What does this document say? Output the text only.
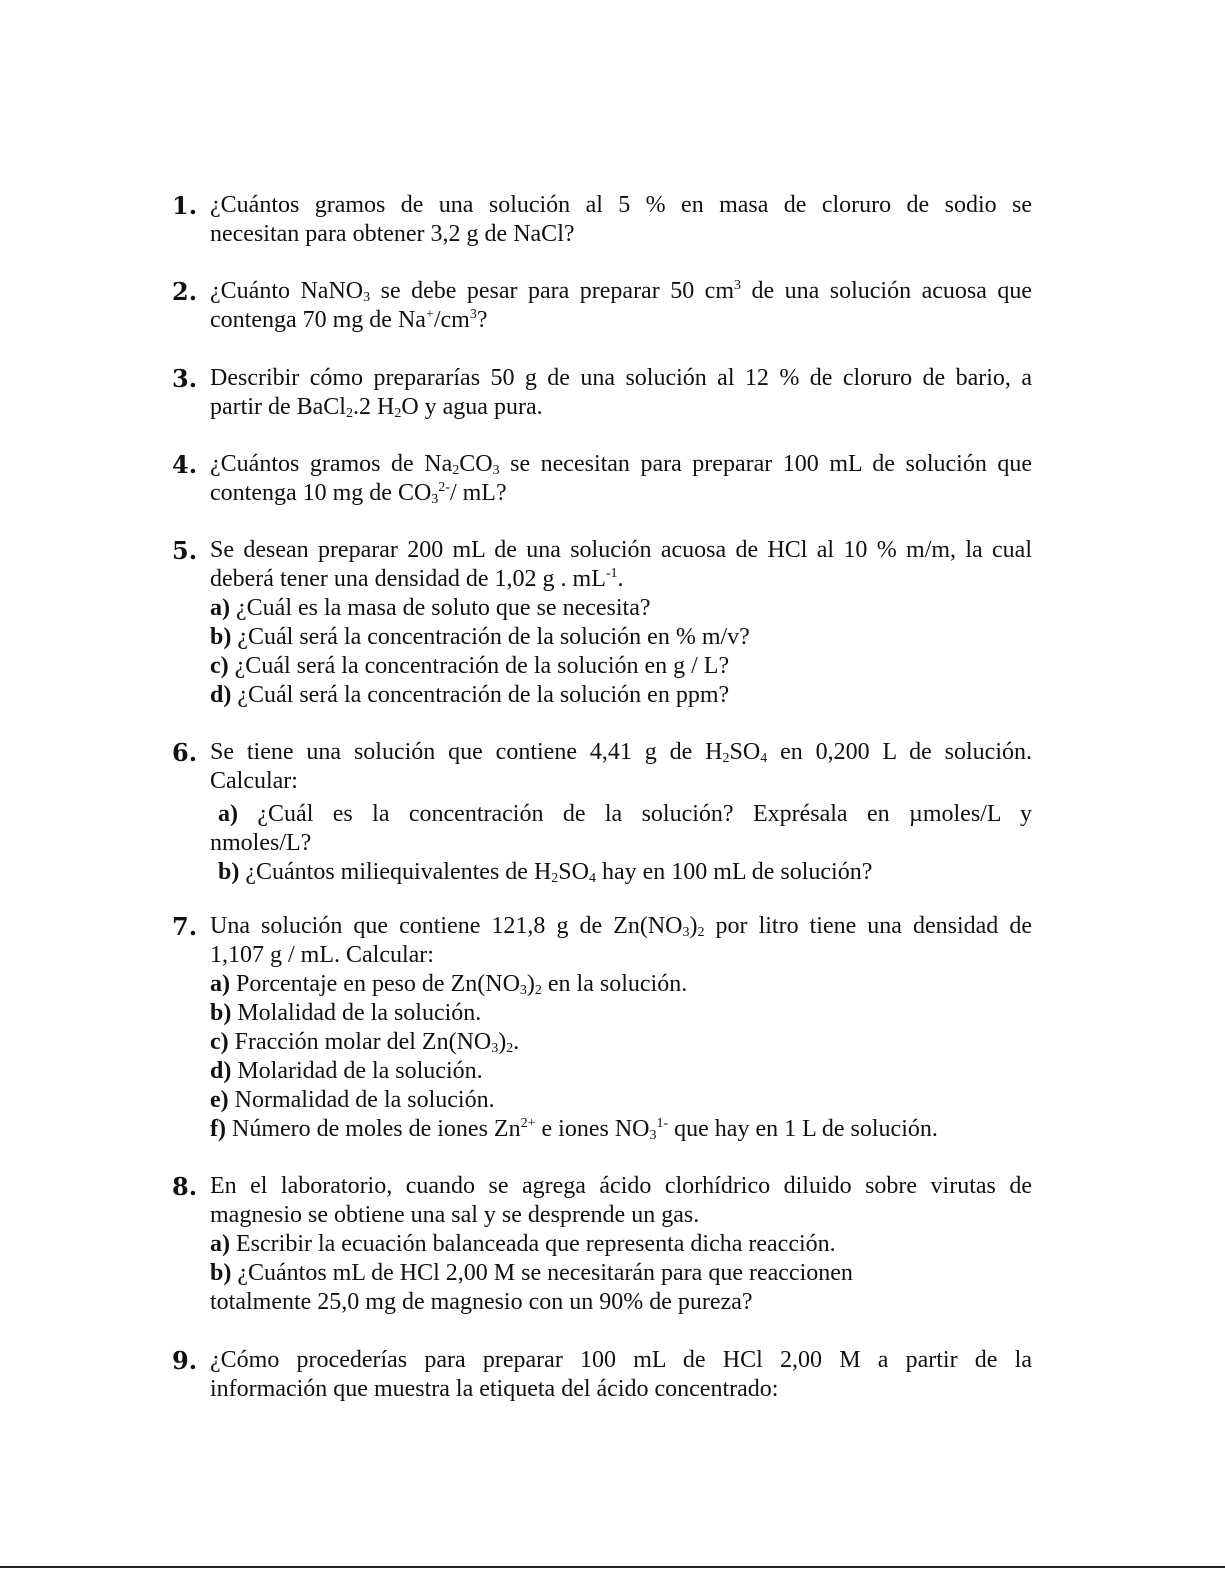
1. ¿Cuántos gramos de una solución al 5 % en masa de cloruro de sodio se
necesitan para obtener 3,2 g de NaCl?
2. ¿Cuánto NaNO$_3$ se debe pesar para preparar 50 $cm^3$ de una solución acuosa que
contenga 70 mg de $Na^+/cm^3$?
3. Describir cómo prepararías 50 g de una solución al 12 % de cloruro de bario, a
partir de BaCl$_2$.2 $H_2O$ y agua pura.
4. ¿Cuántos gramos de $Na_2CO_3$ se necesitan para preparar 100 mL de solución que
contenga 10 mg de $CO_3^{2-}/$ mL?
5. Se desean preparar 200 mL de una solución acuosa de HCl al 10 % m/m, la cual
deberá tener una densidad de 1,02 g . $mL^{-1}$.
a) ¿Cuál es la masa de soluto que se necesita?
b) ¿Cuál será la concentración de la solución en % m/v?
c) ¿Cuál será la concentración de la solución en g / L?
d) ¿Cuál será la concentración de la solución en ppm?
6. Se tiene una solución que contiene 4,41 g de $H_2SO_4$ en 0,200 L de solución.
Calcular:
a) ¿Cuál es la concentración de la solución? Exprésala en µmoles/L y
nmoles/L?
b) ¿Cuántos miliequivalentes de $H_2SO_4$ hay en 100 mL de solución?
7. Una solución que contiene 121,8 g de $Zn(NO_3)_2$ por litro tiene una densidad de
1,107 g / mL. Calcular:
a) Porcentaje en peso de $Zn(NO_3)_2$ en la solución.
b) Molalidad de la solución.
c) Fracción molar del $Zn(NO_3)_2$.
d) Molaridad de la solución.
e) Normalidad de la solución.
f) Número de moles de iones $Zn^{2+}$ e iones $NO_3^{1-}$ que hay en 1 L de solución.
8. En el laboratorio, cuando se agrega ácido clorhídrico diluido sobre virutas de
magnesio se obtiene una sal y se desprende un gas.
a) Escribir la ecuación balanceada que representa dicha reacción.
b) ¿Cuántos mL de HCl 2,00 M se necesitarán para que reaccionen
totalmente 25,0 mg de magnesio con un 90% de pureza?
9. ¿Cómo procederías para preparar 100 mL de HCl 2,00 M a partir de la
información que muestra la etiqueta del ácido concentrado:
